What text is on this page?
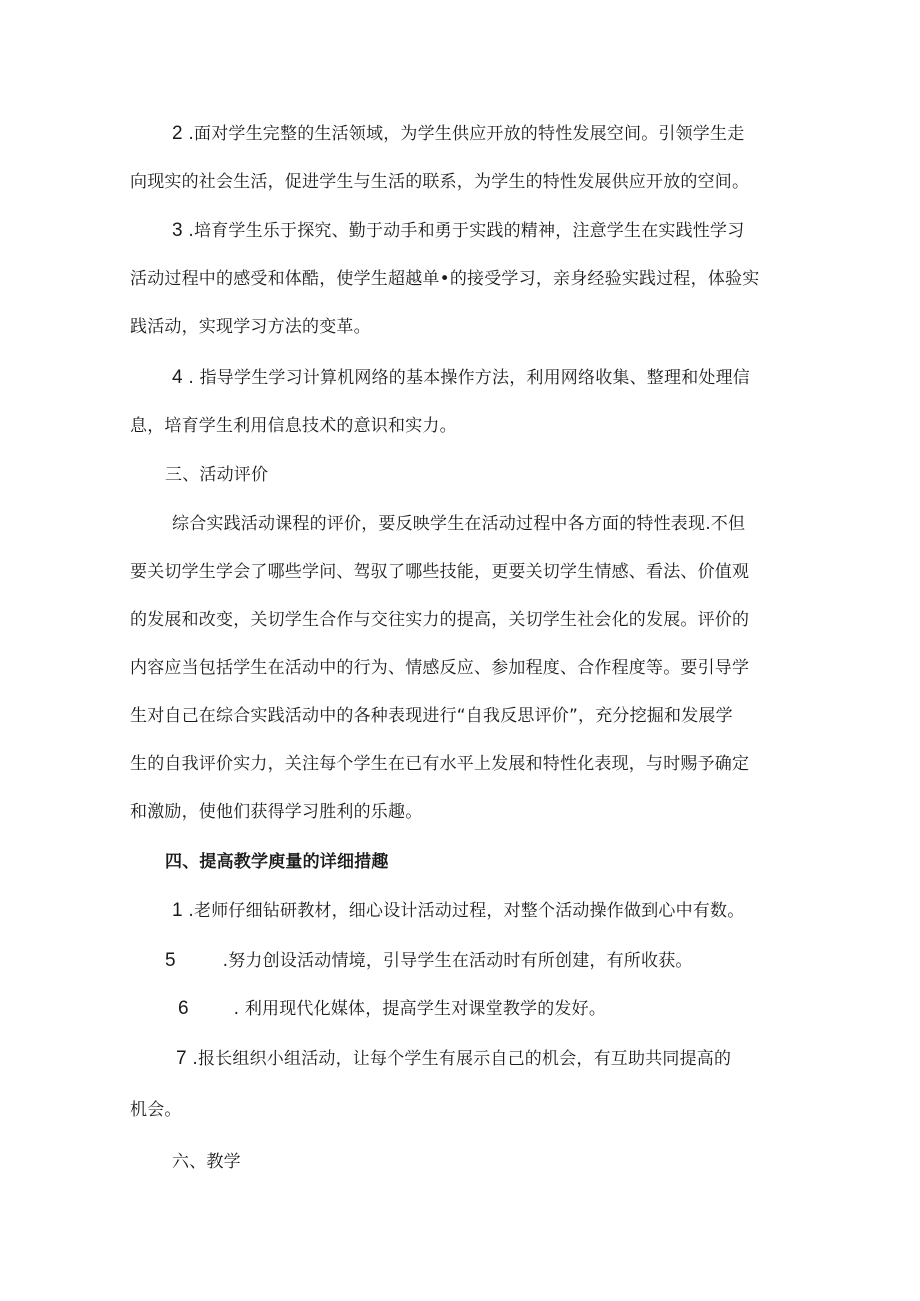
2 .面对学生完整的生活领域，为学生供应开放的特性发展空间。引领学生走

向现实的社会生活，促进学生与生活的联系，为学生的特性发展供应开放的空间。

3 .培育学生乐于探究、勤于动手和勇于实践的精神，注意学生在实践性学习

活动过程中的感受和体酷，使学生超越单•的接受学习，亲身经验实践过程，体验实

践活动，实现学习方法的变革。

4 . 指导学生学习计算机网络的基本操作方法，利用网络收集、整理和处理信

息，培育学生利用信息技术的意识和实力。

三、活动评价

综合实践活动课程的评价，要反映学生在活动过程中各方面的特性表现.不但

要关切学生学会了哪些学问、驾驭了哪些技能，更要关切学生情感、看法、价值观

的发展和改变，关切学生合作与交往实力的提高，关切学生社会化的发展。评价的

内容应当包括学生在活动中的行为、情感反应、参加程度、合作程度等。要引导学

生对自己在综合实践活动中的各种表现进行“自我反思评价”，充分挖掘和发展学

生的自我评价实力，关注每个学生在已有水平上发展和特性化表现，与时赐予确定

和激励，使他们获得学习胜利的乐趣。

四、提高教学庾量的详细措趣

1 .老师仔细钻研教材，细心设计活动过程，对整个活动操作做到心中有数。

5	.努力创设活动情境，引导学生在活动时有所创建，有所收获。

6	. 利用现代化媒体，提高学生对课堂教学的发好。

7 .报长组织小组活动，让每个学生有展示自己的机会，有互助共同提高的

机会。

六、教学
